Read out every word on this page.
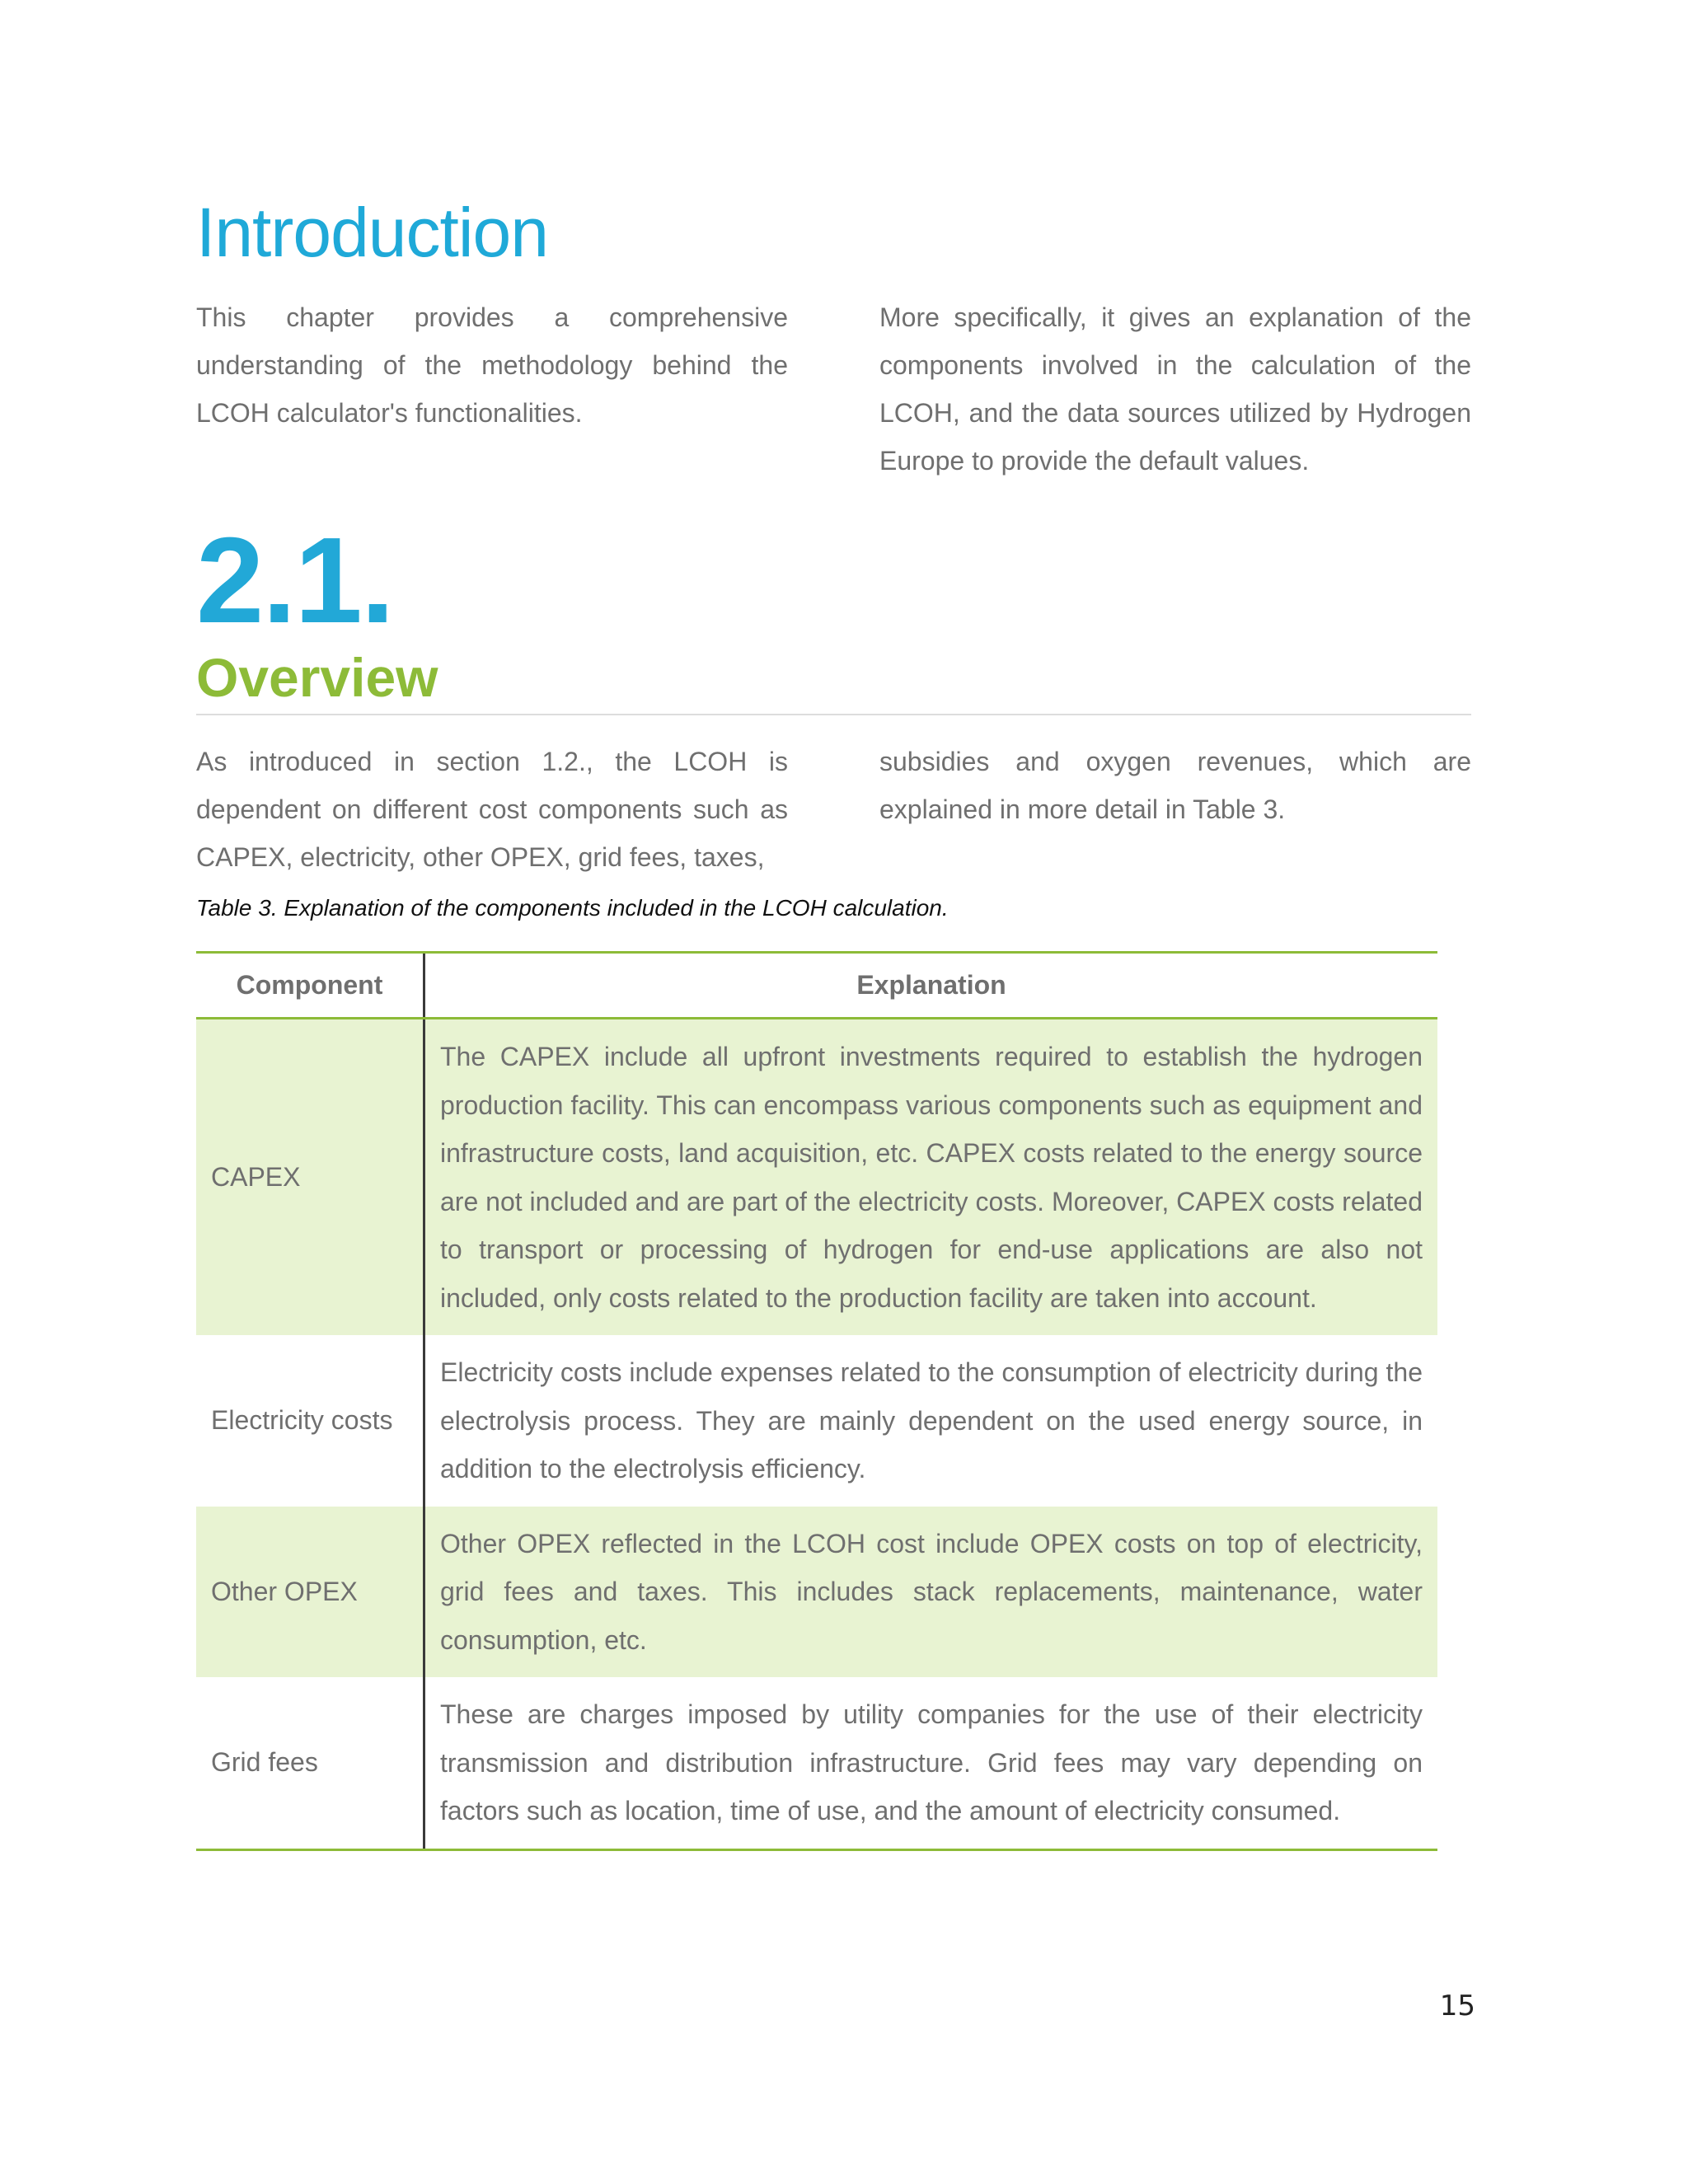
Introduction
This chapter provides a comprehensive understanding of the methodology behind the LCOH calculator's functionalities.
More specifically, it gives an explanation of the components involved in the calculation of the LCOH, and the data sources utilized by Hydrogen Europe to provide the default values.
2.1.
Overview
As introduced in section 1.2., the LCOH is dependent on different cost components such as CAPEX, electricity, other OPEX, grid fees, taxes,
subsidies and oxygen revenues, which are explained in more detail in Table 3.
Table 3. Explanation of the components included in the LCOH calculation.
Component	Explanation
CAPEX
The CAPEX include all upfront investments required to establish the hydrogen production facility. This can encompass various components such as equipment and infrastructure costs, land acquisition, etc. CAPEX costs related to the energy source are not included and are part of the electricity costs. Moreover, CAPEX costs related to transport or processing of hydrogen for end-use applications are also not included, only costs related to the production facility are taken into account.
Electricity costs
Electricity costs include expenses related to the consumption of electricity during the electrolysis process. They are mainly dependent on the used energy source, in addition to the electrolysis efficiency.
Other OPEX
Other OPEX reflected in the LCOH cost include OPEX costs on top of electricity, grid fees and taxes. This includes stack replacements, maintenance, water consumption, etc.
Grid fees
These are charges imposed by utility companies for the use of their electricity transmission and distribution infrastructure. Grid fees may vary depending on factors such as location, time of use, and the amount of electricity consumed.
15
